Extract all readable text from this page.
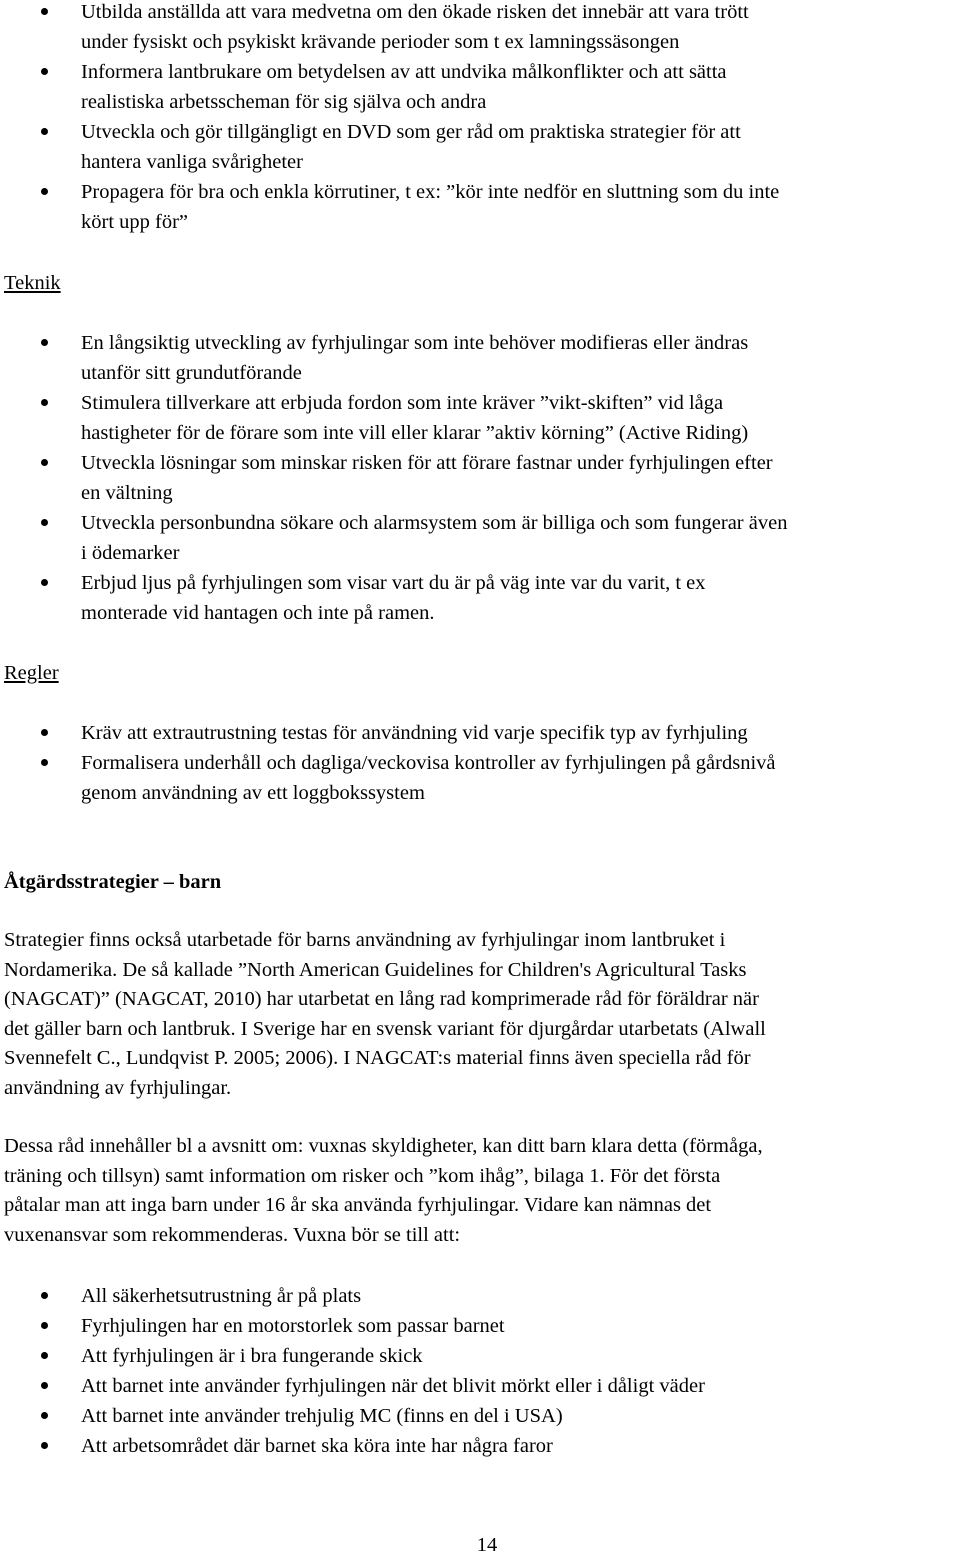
Utbilda anställda att vara medvetna om den ökade risken det innebär att vara trött
under fysiskt och psykiskt krävande perioder som t ex lamningssäsongen
Informera lantbrukare om betydelsen av att undvika målkonflikter och att sätta
realistiska arbetsscheman för sig själva och andra
Utveckla och gör tillgängligt en DVD som ger råd om praktiska strategier för att
hantera vanliga svårigheter
Propagera för bra och enkla körrutiner, t ex: ”kör inte nedför en sluttning som du inte
kört upp för”
Teknik
En långsiktig utveckling av fyrhjulingar som inte behöver modifieras eller ändras
utanför sitt grundutförande
Stimulera tillverkare att erbjuda fordon som inte kräver ”vikt-skiften” vid låga
hastigheter för de förare som inte vill eller klarar ”aktiv körning” (Active Riding)
Utveckla lösningar som minskar risken för att förare fastnar under fyrhjulingen efter
en vältning
Utveckla personbundna sökare och alarmsystem som är billiga och som fungerar även
i ödemarker
Erbjud ljus på fyrhjulingen som visar vart du är på väg inte var du varit, t ex
monterade vid hantagen och inte på ramen.
Regler
Kräv att extrautrustning testas för användning vid varje specifik typ av fyrhjuling
Formalisera underhåll och dagliga/veckovisa kontroller av fyrhjulingen på gårdsnivå
genom användning av ett loggbokssystem
Åtgärdsstrategier – barn

Strategier finns också utarbetade för barns användning av fyrhjulingar inom lantbruket i
Nordamerika. De så kallade ”North American Guidelines for Children's Agricultural Tasks
(NAGCAT)” (NAGCAT, 2010) har utarbetat en lång rad komprimerade råd för föräldrar när
det gäller barn och lantbruk. I Sverige har en svensk variant för djurgårdar utarbetats (Alwall
Svennefelt C., Lundqvist P. 2005; 2006). I NAGCAT:s material finns även speciella råd för
användning av fyrhjulingar.

Dessa råd innehåller bl a avsnitt om: vuxnas skyldigheter, kan ditt barn klara detta (förmåga,
träning och tillsyn) samt information om risker och ”kom ihåg”, bilaga 1. För det första
påtalar man att inga barn under 16 år ska använda fyrhjulingar. Vidare kan nämnas det
vuxenansvar som rekommenderas. Vuxna bör se till att:

All säkerhetsutrustning år på plats
Fyrhjulingen har en motorstorlek som passar barnet
Att fyrhjulingen är i bra fungerande skick
Att barnet inte använder fyrhjulingen när det blivit mörkt eller i dåligt väder
Att barnet inte använder trehjulig MC (finns en del i USA)
Att arbetsområdet där barnet ska köra inte har några faror
14
